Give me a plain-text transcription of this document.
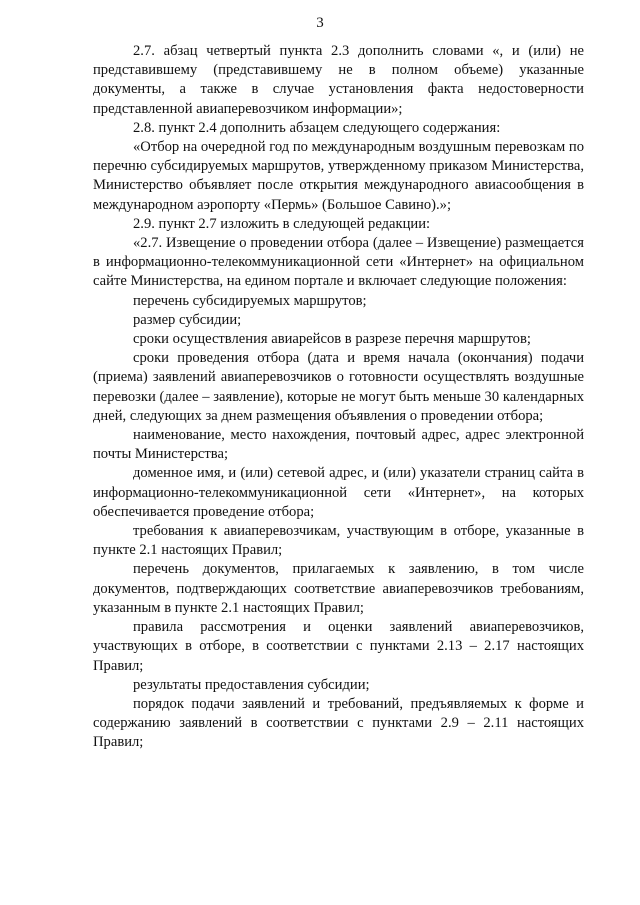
3

2.7. абзац четвертый пункта 2.3 дополнить словами «, и (или) не представившему (представившему не в полном объеме) указанные документы, а также в случае установления факта недостоверности представленной авиаперевозчиком информации»;

2.8. пункт 2.4 дополнить абзацем следующего содержания:

«Отбор на очередной год по международным воздушным перевозкам по перечню субсидируемых маршрутов, утвержденному приказом Министерства, Министерство объявляет после открытия международного авиасообщения в международном аэропорту «Пермь» (Большое Савино).»;

2.9. пункт 2.7 изложить в следующей редакции:

«2.7. Извещение о проведении отбора (далее – Извещение) размещается в информационно-телекоммуникационной сети «Интернет» на официальном сайте Министерства, на едином портале и включает следующие положения:

перечень субсидируемых маршрутов;

размер субсидии;

сроки осуществления авиарейсов в разрезе перечня маршрутов;

сроки проведения отбора (дата и время начала (окончания) подачи (приема) заявлений авиаперевозчиков о готовности осуществлять воздушные перевозки (далее – заявление), которые не могут быть меньше 30 календарных дней, следующих за днем размещения объявления о проведении отбора;

наименование, место нахождения, почтовый адрес, адрес электронной почты Министерства;

доменное имя, и (или) сетевой адрес, и (или) указатели страниц сайта в информационно-телекоммуникационной сети «Интернет», на которых обеспечивается проведение отбора;

требования к авиаперевозчикам, участвующим в отборе, указанные в пункте 2.1 настоящих Правил;

перечень документов, прилагаемых к заявлению, в том числе документов, подтверждающих соответствие авиаперевозчиков требованиям, указанным в пункте 2.1 настоящих Правил;

правила рассмотрения и оценки заявлений авиаперевозчиков, участвующих в отборе, в соответствии с пунктами 2.13 – 2.17 настоящих Правил;

результаты предоставления субсидии;

порядок подачи заявлений и требований, предъявляемых к форме и содержанию заявлений в соответствии с пунктами 2.9 – 2.11 настоящих Правил;
